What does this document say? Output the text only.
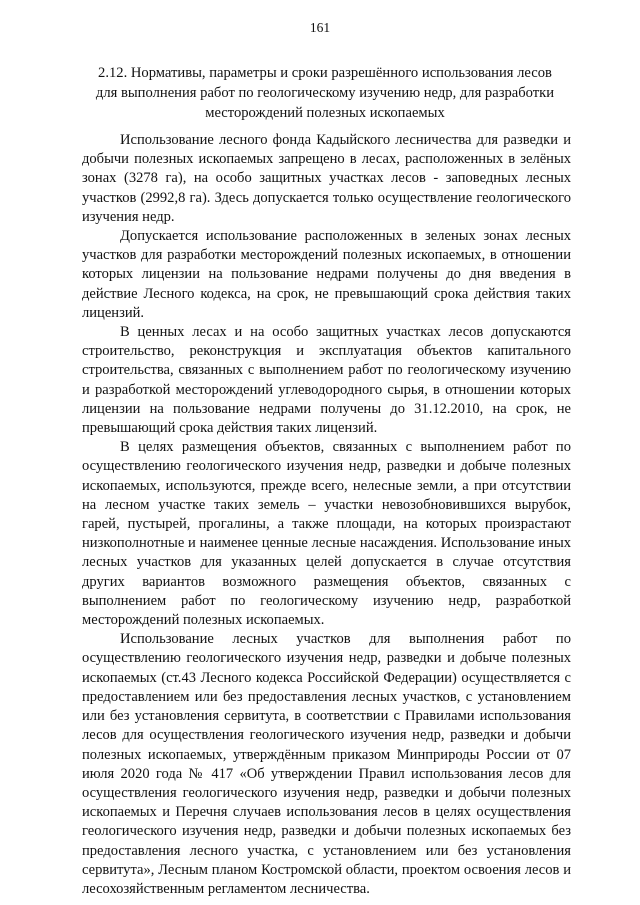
161
2.12. Нормативы, параметры и сроки разрешённого использования лесов
для выполнения работ по геологическому изучению недр, для разработки
месторождений полезных ископаемых

Использование лесного фонда Кадыйского лесничества для разведки и добычи полезных ископаемых запрещено в лесах, расположенных в зелёных зонах (3278 га), на особо защитных участках лесов - заповедных лесных участков (2992,8 га). Здесь допускается только осуществление геологического изучения недр.

Допускается использование расположенных в зеленых зонах лесных участков для разработки месторождений полезных ископаемых, в отношении которых лицензии на пользование недрами получены до дня введения в действие Лесного кодекса, на срок, не превышающий срока действия таких лицензий.

В ценных лесах и на особо защитных участках лесов допускаются строительство, реконструкция и эксплуатация объектов капитального строительства, связанных с выполнением работ по геологическому изучению и разработкой месторождений углеводородного сырья, в отношении которых лицензии на пользование недрами получены до 31.12.2010, на срок, не превышающий срока действия таких лицензий.

В целях размещения объектов, связанных с выполнением работ по осуществлению геологического изучения недр, разведки и добыче полезных ископаемых, используются, прежде всего, нелесные земли, а при отсутствии на лесном участке таких земель – участки невозобновившихся вырубок, гарей, пустырей, прогалины, а также площади, на которых произрастают низкополнотные и наименее ценные лесные насаждения. Использование иных лесных участков для указанных целей допускается в случае отсутствия других вариантов возможного размещения объектов, связанных с выполнением работ по геологическому изучению недр, разработкой месторождений полезных ископаемых.

Использование лесных участков для выполнения работ по осуществлению геологического изучения недр, разведки и добыче полезных ископаемых (ст.43 Лесного кодекса Российской Федерации) осуществляется с предоставлением или без предоставления лесных участков, с установлением или без установления сервитута, в соответствии с Правилами использования лесов для осуществления геологического изучения недр, разведки и добычи полезных ископаемых, утверждённым приказом Минприроды России от 07 июля 2020 года № 417 «Об утверждении Правил использования лесов для осуществления геологического изучения недр, разведки и добычи полезных ископаемых и Перечня случаев использования лесов в целях осуществления геологического изучения недр, разведки и добычи полезных ископаемых без предоставления лесного участка, с установлением или без установления сервитута», Лесным планом Костромской области, проектом освоения лесов и лесохозяйственным регламентом лесничества.
